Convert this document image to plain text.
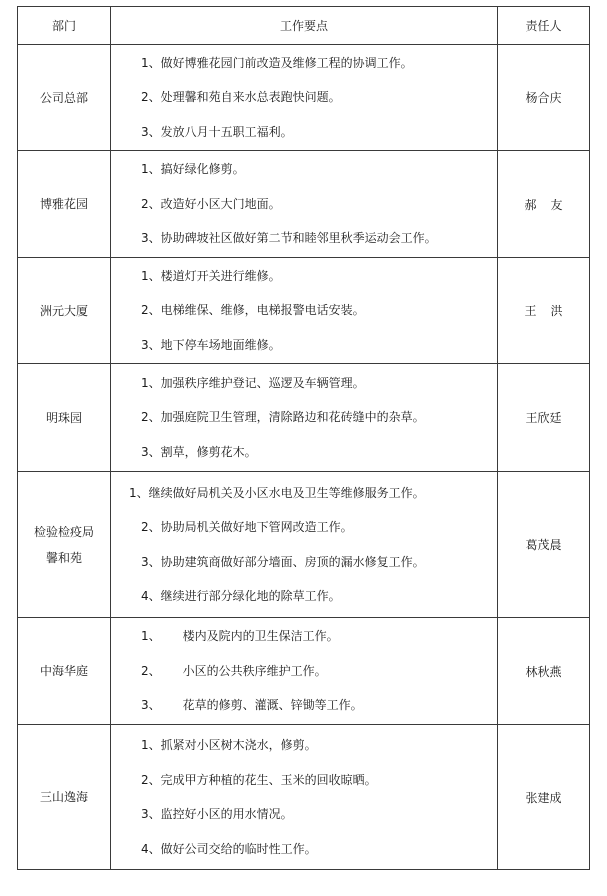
部门	工作要点	责任人

公司总部	1、做好博雅花园门前改造及维修工程的协调工作。
2、处理馨和苑自来水总表跑快问题。
3、发放八月十五职工福利。	杨合庆

博雅花园	1、搞好绿化修剪。
2、改造好小区大门地面。
3、协助碑坡社区做好第二节和睦邻里秋季运动会工作。	郝友

洲元大厦	1、楼道灯开关进行维修。
2、电梯维保、维修，电梯报警电话安装。
3、地下停车场地面维修。	王洪

明珠园	1、加强秩序维护登记、巡逻及车辆管理。
2、加强庭院卫生管理，清除路边和花砖缝中的杂草。
3、割草，修剪花木。	王欣廷

检验检疫局
馨和苑	1、继续做好局机关及小区水电及卫生等维修服务工作。
2、协助局机关做好地下管网改造工作。
3、协助建筑商做好部分墙面、房顶的漏水修复工作。
4、继续进行部分绿化地的除草工作。	葛茂晨

中海华庭	1、 楼内及院内的卫生保洁工作。
2、 小区的公共秩序维护工作。
3、 花草的修剪、灌溉、锌锄等工作。	林秋燕

三山逸海	1、抓紧对小区树木浇水，修剪。
2、完成甲方种植的花生、玉米的回收晾晒。
3、监控好小区的用水情况。
4、做好公司交给的临时性工作。	张建成
